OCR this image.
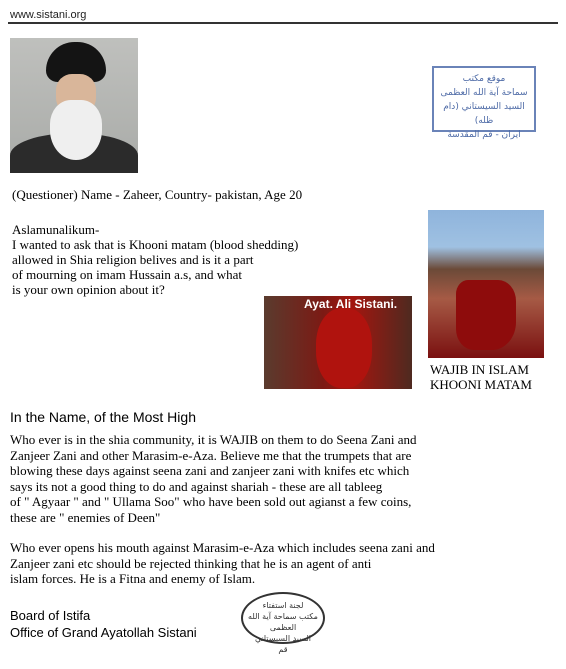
www.sistani.org
موقع مكتب
سماحة آية الله العظمى
السيد السيستاني (دام ظله)
ايران - قم المقدسة
(Questioner) Name - Zaheer, Country- pakistan, Age 20
Aslamunalikum-
I wanted to ask that is Khooni matam (blood shedding)
allowed in Shia religion belives and is it a part
of mourning on imam Hussain a.s, and what
is your own opinion about it?
Ayat. Ali Sistani.
WAJIB IN ISLAM
KHOONI MATAM
In the Name, of the Most High
Who ever is in the shia community, it is WAJIB on them to do Seena Zani and
Zanjeer Zani and other Marasim-e-Aza. Believe me that the trumpets that are
blowing these days against seena zani and zanjeer zani with knifes etc which
says its not a good thing to do and against shariah - these are all tableeg
of " Agyaar " and " Ullama Soo" who have been sold out agianst a few coins,
these are " enemies of Deen"
Who ever opens his mouth against Marasim-e-Aza which includes seena zani and
Zanjeer zani etc should be rejected thinking that he is an agent of anti
islam forces. He is a Fitna and enemy of Islam.
Board of Istifa
Office of Grand Ayatollah Sistani
لجنة استفتاء
مكتب سماحة آية الله العظمى
السيد السيستاني
قم
